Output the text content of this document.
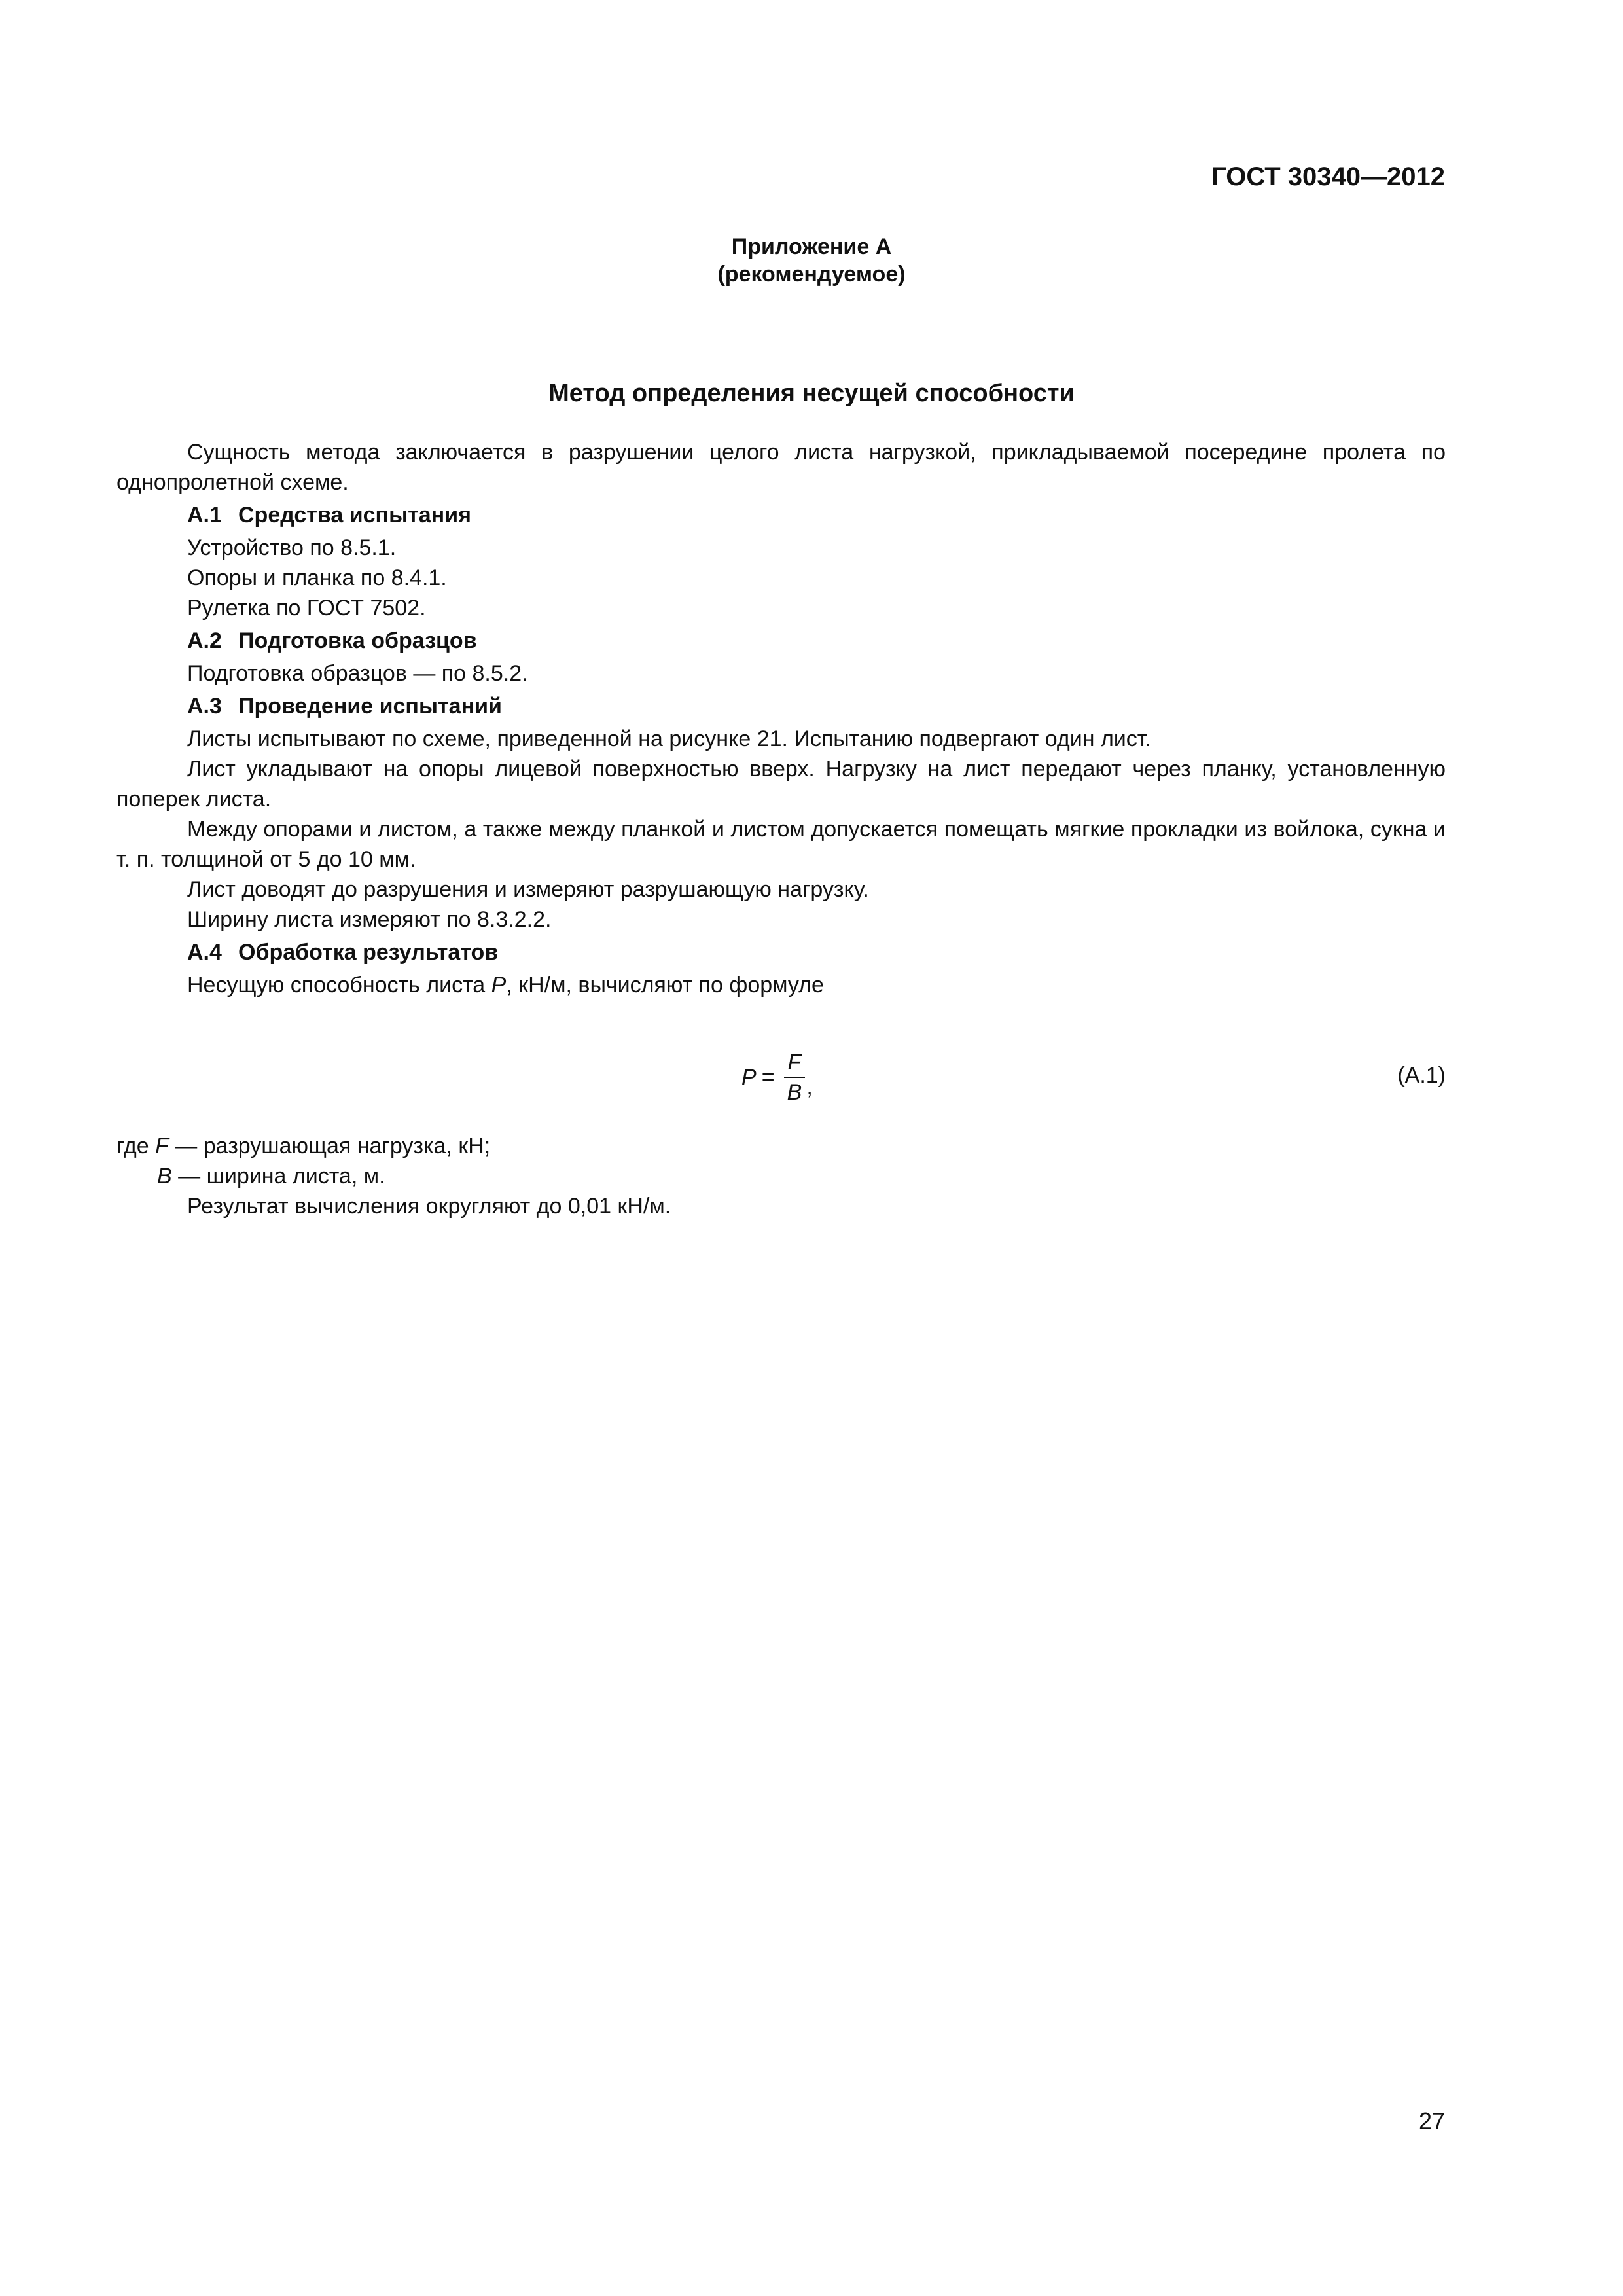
ГОСТ 30340—2012
Приложение А
(рекомендуемое)
Метод определения несущей способности

Сущность метода заключается в разрушении целого листа нагрузкой, прикладываемой посередине пролета по однопролетной схеме.

А.1 Средства испытания

Устройство по 8.5.1.

Опоры и планка по 8.4.1.

Рулетка по ГОСТ 7502.

А.2 Подготовка образцов

Подготовка образцов — по 8.5.2.

А.3 Проведение испытаний

Листы испытывают по схеме, приведенной на рисунке 21. Испытанию подвергают один лист.

Лист укладывают на опоры лицевой поверхностью вверх. Нагрузку на лист передают через планку, установленную поперек листа.

Между опорами и листом, а также между планкой и листом допускается помещать мягкие прокладки из войлока, сукна и т. п. толщиной от 5 до 10 мм.

Лист доводят до разрушения и измеряют разрушающую нагрузку.

Ширину листа измеряют по 8.3.2.2.

А.4 Обработка результатов

Несущую способность листа P, кН/м, вычисляют по формуле

$P = \frac{F}{B}$ ,	(А.1)
где F — разрушающая нагрузка, кН;
B — ширина листа, м.
Результат вычисления округляют до 0,01 кН/м.
27
